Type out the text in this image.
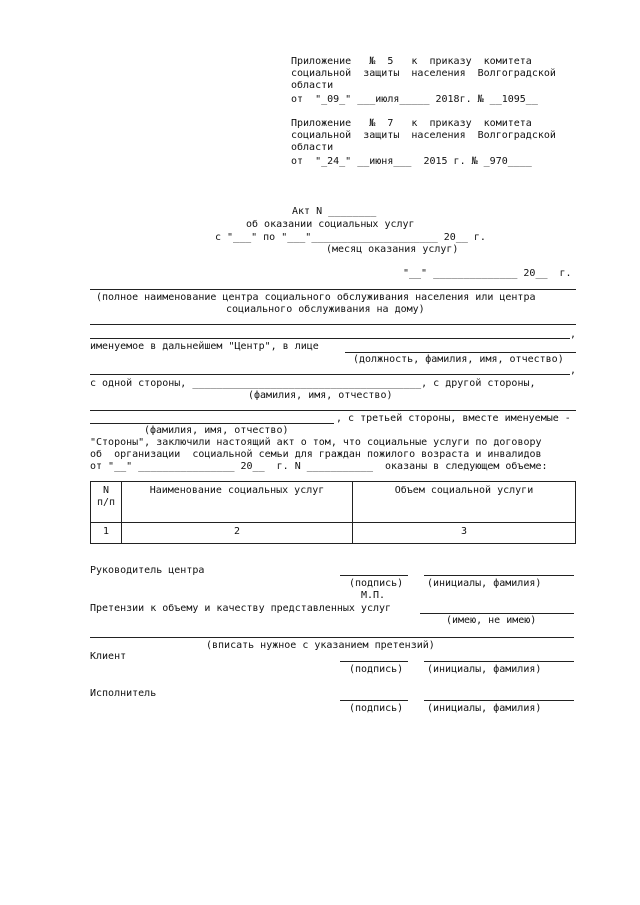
Приложение   №  5   к  приказу  комитета
социальной  защиты  населения  Волгоградской
области
от  "_09_" ___июля_____ 2018г. № __1095__
Приложение   №  7   к  приказу  комитета
социальной  защиты  населения  Волгоградской
области
от  "_24_" __июня___  2015 г. № _970____
Акт N ________
об оказании социальных услуг
с "___" по "___"_____________________ 20__ г.
(месяц оказания услуг)
"__" ______________ 20__  г.
(полное наименование центра социального обслуживания населения или центра
социального обслуживания на дому)
,
именуемое в дальнейшем "Центр", в лице
(должность, фамилия, имя, отчество)
,
с одной стороны, ______________________________________, с другой стороны,
(фамилия, имя, отчество)
, с третьей стороны, вместе именуемые -
(фамилия, имя, отчество)
"Стороны", заключили настоящий акт о том, что социальные услуги по договору
об  организации  социальной семьи для граждан пожилого возраста и инвалидов
от "__" ________________ 20__  г. N ___________  оказаны в следующем объеме:
N
п/п	Наименование социальных услуг	Объем социальной услуги
1	2	3
Руководитель центра
(подпись) (инициалы, фамилия)
М.П.
Претензии к объему и качеству представленных услуг
(имею, не имею)
(вписать нужное с указанием претензий)
Клиент
(подпись) (инициалы, фамилия)
Исполнитель
(подпись) (инициалы, фамилия)
